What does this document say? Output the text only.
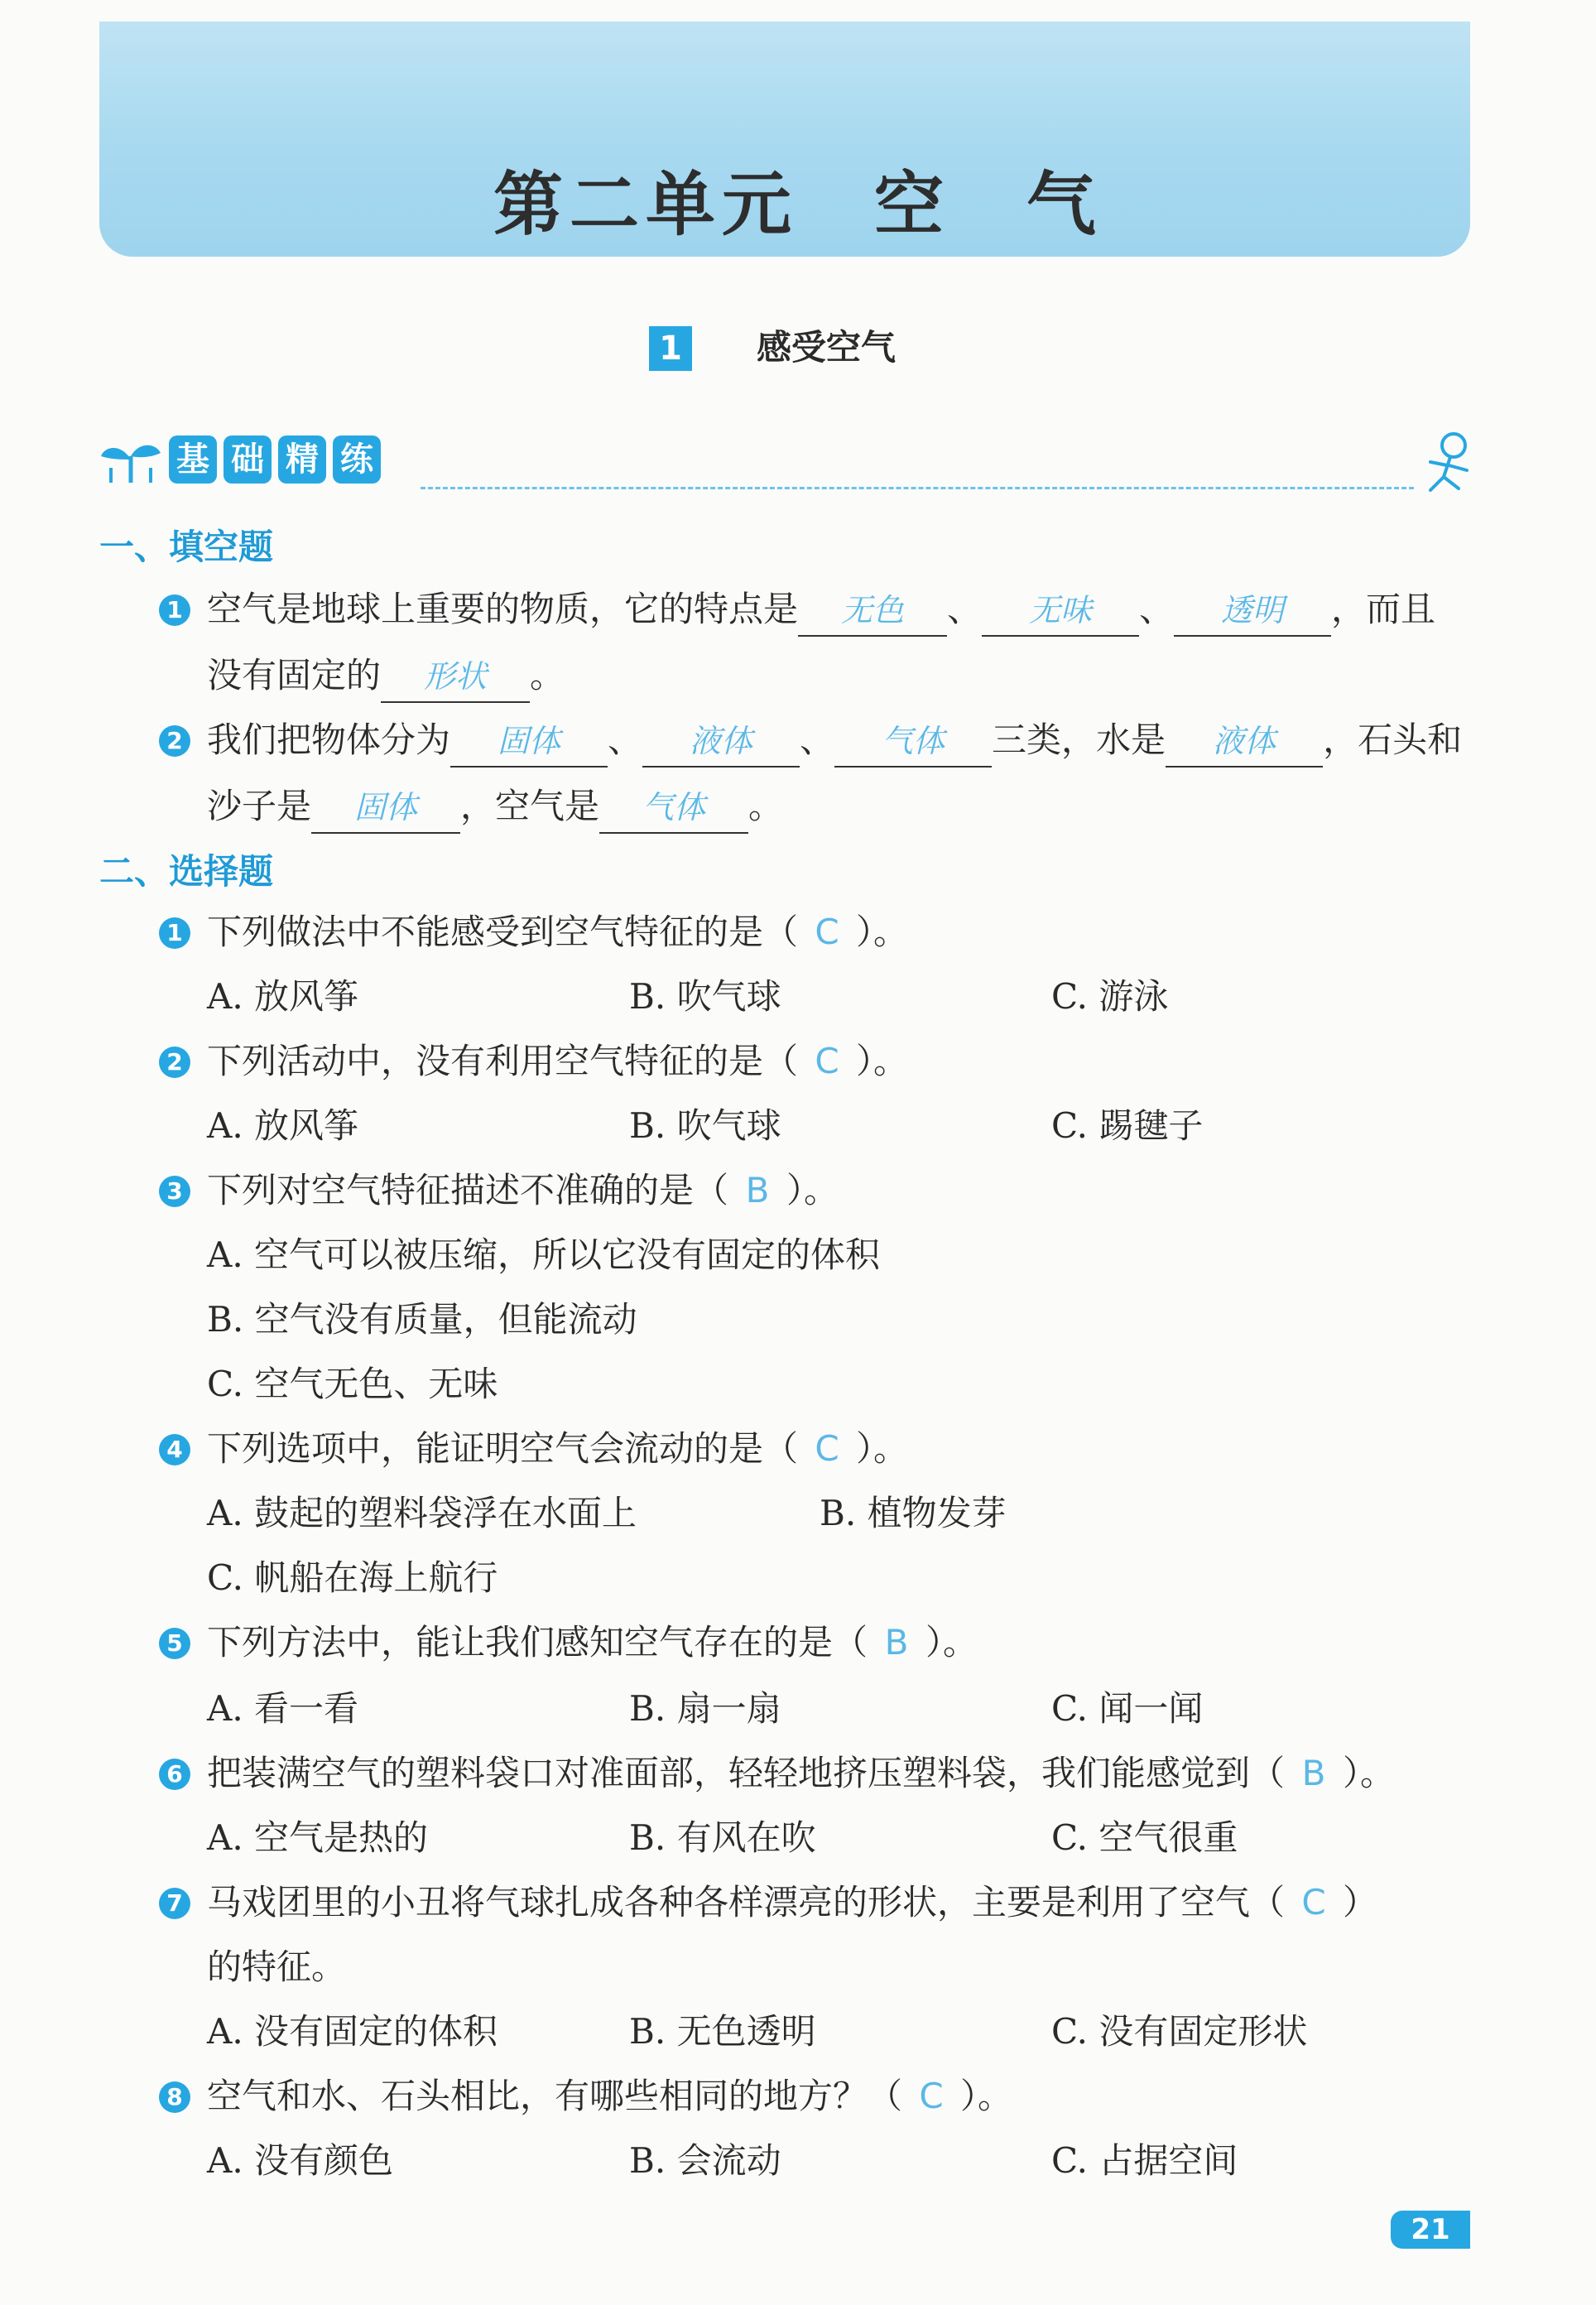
第二单元　空　气
1 感受空气
基 础 精 练
一、填空题
1 空气是地球上重要的物质，它的特点是 无色 、 无味 、 透明 ，而且
没有固定的 形状 。
2 我们把物体分为 固体 、 液体 、 气体 三类，水是 液体 ，石头和
沙子是 固体 ，空气是 气体 。
二、选择题
1 下列做法中不能感受到空气特征的是（ C ）。
A. 放风筝	B. 吹气球	C. 游泳
2 下列活动中，没有利用空气特征的是（ C ）。
A. 放风筝	B. 吹气球	C. 踢毽子
3 下列对空气特征描述不准确的是（ B ）。
A. 空气可以被压缩，所以它没有固定的体积
B. 空气没有质量，但能流动
C. 空气无色、无味
4 下列选项中，能证明空气会流动的是（ C ）。
A. 鼓起的塑料袋浮在水面上	B. 植物发芽
C. 帆船在海上航行
5 下列方法中，能让我们感知空气存在的是（ B ）。
A. 看一看	B. 扇一扇	C. 闻一闻
6 把装满空气的塑料袋口对准面部，轻轻地挤压塑料袋，我们能感觉到（ B ）。
A. 空气是热的	B. 有风在吹	C. 空气很重
7 马戏团里的小丑将气球扎成各种各样漂亮的形状，主要是利用了空气（ C ）
的特征。
A. 没有固定的体积	B. 无色透明	C. 没有固定形状
8 空气和水、石头相比，有哪些相同的地方？（ C ）。
A. 没有颜色	B. 会流动	C. 占据空间
21
